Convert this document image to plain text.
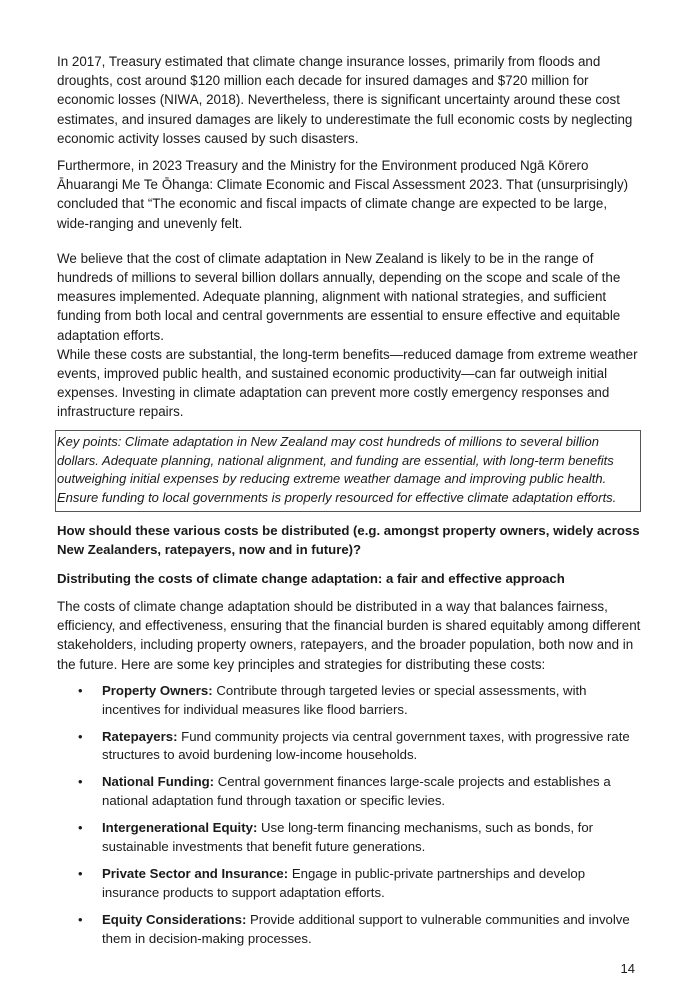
In 2017, Treasury estimated that climate change insurance losses, primarily from floods and droughts, cost around $120 million each decade for insured damages and $720 million for economic losses (NIWA, 2018). Nevertheless, there is significant uncertainty around these cost estimates, and insured damages are likely to underestimate the full economic costs by neglecting economic activity losses caused by such disasters.

Furthermore, in 2023 Treasury and the Ministry for the Environment produced Ngā Kōrero Āhuarangi Me Te Ōhanga: Climate Economic and Fiscal Assessment 2023. That (unsurprisingly) concluded that “The economic and fiscal impacts of climate change are expected to be large, wide-ranging and unevenly felt.

We believe that the cost of climate adaptation in New Zealand is likely to be in the range of hundreds of millions to several billion dollars annually, depending on the scope and scale of the measures implemented. Adequate planning, alignment with national strategies, and sufficient funding from both local and central governments are essential to ensure effective and equitable adaptation efforts.

While these costs are substantial, the long-term benefits—reduced damage from extreme weather events, improved public health, and sustained economic productivity—can far outweigh initial expenses. Investing in climate adaptation can prevent more costly emergency responses and infrastructure repairs.

Key points: Climate adaptation in New Zealand may cost hundreds of millions to several billion dollars. Adequate planning, national alignment, and funding are essential, with long-term benefits outweighing initial expenses by reducing extreme weather damage and improving public health. Ensure funding to local governments is properly resourced for effective climate adaptation efforts.

How should these various costs be distributed (e.g. amongst property owners, widely across New Zealanders, ratepayers, now and in future)?

Distributing the costs of climate change adaptation: a fair and effective approach

The costs of climate change adaptation should be distributed in a way that balances fairness, efficiency, and effectiveness, ensuring that the financial burden is shared equitably among different stakeholders, including property owners, ratepayers, and the broader population, both now and in the future. Here are some key principles and strategies for distributing these costs:

• Property Owners: Contribute through targeted levies or special assessments, with incentives for individual measures like flood barriers.
• Ratepayers: Fund community projects via central government taxes, with progressive rate structures to avoid burdening low-income households.
• National Funding: Central government finances large-scale projects and establishes a national adaptation fund through taxation or specific levies.
• Intergenerational Equity: Use long-term financing mechanisms, such as bonds, for sustainable investments that benefit future generations.
• Private Sector and Insurance: Engage in public-private partnerships and develop insurance products to support adaptation efforts.
• Equity Considerations: Provide additional support to vulnerable communities and involve them in decision-making processes.
14
